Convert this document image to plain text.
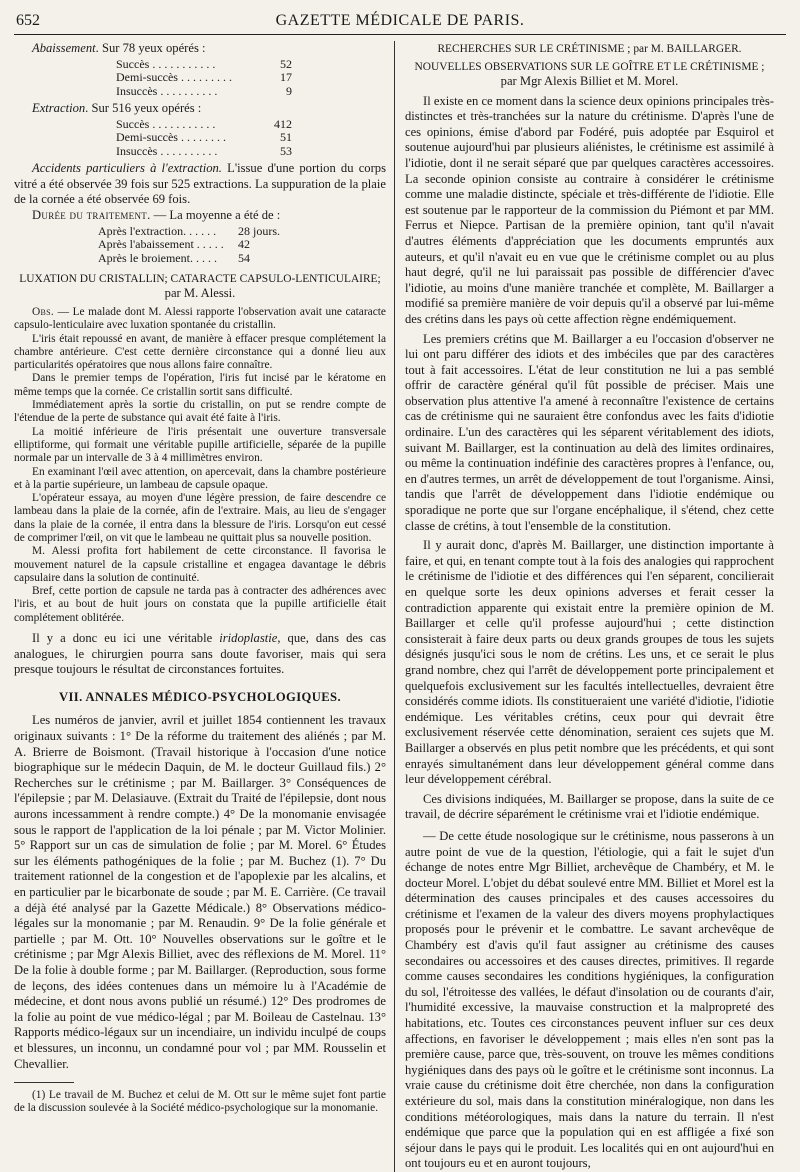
652	GAZETTE MÉDICALE DE PARIS.

Abaissement. Sur 78 yeux opérés :

Succès . . . . . . . . . . .	52
Demi-succès . . . . . . . . .	17
Insuccès . . . . . . . . . .	9

Extraction. Sur 516 yeux opérés :

Succès . . . . . . . . . . .	412
Demi-succès . . . . . . . .	51
Insuccès . . . . . . . . . .	53

Accidents particuliers à l'extraction. L'issue d'une portion du corps vitré a été observée 39 fois sur 525 extractions. La suppuration de la plaie de la cornée a été observée 69 fois.

Durée du traitement. — La moyenne a été de :

Après l'extraction. . . . . .	28 jours.
Après l'abaissement . . . . .	42
Après le broiement. . . . .	54

LUXATION DU CRISTALLIN; CATARACTE CAPSULO-LENTICULAIRE;

par M. Alessi.

Obs. — Le malade dont M. Alessi rapporte l'observation avait une cataracte capsulo-lenticulaire avec luxation spontanée du cristallin.

L'iris était repoussé en avant, de manière à effacer presque complétement la chambre antérieure. C'est cette dernière circonstance qui a donné lieu aux particularités opératoires que nous allons faire connaître.

Dans le premier temps de l'opération, l'iris fut incisé par le kératome en même temps que la cornée. Ce cristallin sortit sans difficulté.

Immédiatement après la sortie du cristallin, on put se rendre compte de l'étendue de la perte de substance qui avait été faite à l'iris.

La moitié inférieure de l'iris présentait une ouverture transversale elliptiforme, qui formait une véritable pupille artificielle, séparée de la pupille normale par un intervalle de 3 à 4 millimètres environ.

En examinant l'œil avec attention, on apercevait, dans la chambre postérieure et à la partie supérieure, un lambeau de capsule opaque.

L'opérateur essaya, au moyen d'une légère pression, de faire descendre ce lambeau dans la plaie de la cornée, afin de l'extraire. Mais, au lieu de s'engager dans la plaie de la cornée, il entra dans la blessure de l'iris. Lorsqu'on eut cessé de comprimer l'œil, on vit que le lambeau ne quittait plus sa nouvelle position.

M. Alessi profita fort habilement de cette circonstance. Il favorisa le mouvement naturel de la capsule cristalline et engagea davantage le débris capsulaire dans la solution de continuité.

Bref, cette portion de capsule ne tarda pas à contracter des adhérences avec l'iris, et au bout de huit jours on constata que la pupille artificielle était complétement oblitérée.

Il y a donc eu ici une véritable iridoplastie, que, dans des cas analogues, le chirurgien pourra sans doute favoriser, mais qui sera presque toujours le résultat de circonstances fortuites.

VII. ANNALES MÉDICO-PSYCHOLOGIQUES.

Les numéros de janvier, avril et juillet 1854 contiennent les travaux originaux suivants : 1° De la réforme du traitement des aliénés ; par M. A. Brierre de Boismont. (Travail historique à l'occasion d'une notice biographique sur le médecin Daquin, de M. le docteur Guillaud fils.) 2° Recherches sur le crétinisme ; par M. Baillarger. 3° Conséquences de l'épilepsie ; par M. Delasiauve. (Extrait du Traité de l'épilepsie, dont nous aurons incessamment à rendre compte.) 4° De la monomanie envisagée sous le rapport de l'application de la loi pénale ; par M. Victor Molinier. 5° Rapport sur un cas de simulation de folie ; par M. Morel. 6° Études sur les éléments pathogéniques de la folie ; par M. Buchez (1). 7° Du traitement rationnel de la congestion et de l'apoplexie par les alcalins, et en particulier par le bicarbonate de soude ; par M. E. Carrière. (Ce travail a déjà été analysé par la Gazette Médicale.) 8° Observations médico-légales sur la monomanie ; par M. Renaudin. 9° De la folie générale et partielle ; par M. Ott. 10° Nouvelles observations sur le goître et le crétinisme ; par Mgr Alexis Billiet, avec des réflexions de M. Morel. 11° De la folie à double forme ; par M. Baillarger. (Reproduction, sous forme de leçons, des idées contenues dans un mémoire lu à l'Académie de médecine, et dont nous avons publié un résumé.) 12° Des prodromes de la folie au point de vue médico-légal ; par M. Boileau de Castelnau. 13° Rapports médico-légaux sur un incendiaire, un individu inculpé de coups et blessures, un inconnu, un condamné pour vol ; par MM. Rousselin et Chevallier.

(1) Le travail de M. Buchez et celui de M. Ott sur le même sujet font partie de la discussion soulevée à la Société médico-psychologique sur la monomanie.

RECHERCHES SUR LE CRÉTINISME ; par M. BAILLARGER.

NOUVELLES OBSERVATIONS SUR LE GOÎTRE ET LE CRÉTINISME ;

par Mgr Alexis Billiet et M. Morel.

Il existe en ce moment dans la science deux opinions principales très-distinctes et très-tranchées sur la nature du crétinisme. D'après l'une de ces opinions, émise d'abord par Fodéré, puis adoptée par Esquirol et soutenue aujourd'hui par plusieurs aliénistes, le crétinisme est assimilé à l'idiotie, dont il ne serait séparé que par quelques caractères accessoires. La seconde opinion consiste au contraire à considérer le crétinisme comme une maladie distincte, spéciale et très-différente de l'idiotie. Elle est soutenue par le rapporteur de la commission du Piémont et par MM. Ferrus et Niepce. Partisan de la première opinion, tant qu'il n'avait d'autres éléments d'appréciation que les documents empruntés aux auteurs, et qu'il n'avait eu en vue que le crétinisme complet ou au plus haut degré, qu'il ne lui paraissait pas possible de différencier d'avec l'idiotie, au moins d'une manière tranchée et complète, M. Baillarger a modifié sa première manière de voir depuis qu'il a observé par lui-même des crétins dans les pays où cette affection règne endémiquement.

Les premiers crétins que M. Baillarger a eu l'occasion d'observer ne lui ont paru différer des idiots et des imbéciles que par des caractères tout à fait accessoires. L'état de leur constitution ne lui a pas semblé offrir de caractère général qu'il fût possible de préciser. Mais une observation plus attentive l'a amené à reconnaître l'existence de certains cas de crétinisme qui ne sauraient être confondus avec les faits d'idiotie ordinaire. L'un des caractères qui les séparent véritablement des idiots, suivant M. Baillarger, est la continuation au delà des limites ordinaires, ou même la continuation indéfinie des caractères propres à l'enfance, ou, en d'autres termes, un arrêt de développement de tout l'organisme. Ainsi, tandis que l'arrêt de développement dans l'idiotie endémique ou sporadique ne porte que sur l'organe encéphalique, il s'étend, chez cette classe de crétins, à tout l'ensemble de la constitution.

Il y aurait donc, d'après M. Baillarger, une distinction importante à faire, et qui, en tenant compte tout à la fois des analogies qui rapprochent le crétinisme de l'idiotie et des différences qui l'en séparent, concilierait en quelque sorte les deux opinions adverses et ferait cesser la contradiction apparente qui existait entre la première opinion de M. Baillarger et celle qu'il professe aujourd'hui ; cette distinction consisterait à faire deux parts ou deux grands groupes de tous les sujets désignés jusqu'ici sous le nom de crétins. Les uns, et ce serait le plus grand nombre, chez qui l'arrêt de développement porte principalement et quelquefois exclusivement sur les facultés intellectuelles, devraient être considérés comme idiots. Ils constitueraient une variété d'idiotie, l'idiotie endémique. Les véritables crétins, ceux pour qui devrait être exclusivement réservée cette dénomination, seraient ces sujets que M. Baillarger a observés en plus petit nombre que les précédents, et qui sont enrayés simultanément dans leur développement général comme dans leur développement cérébral.

Ces divisions indiquées, M. Baillarger se propose, dans la suite de ce travail, de décrire séparément le crétinisme vrai et l'idiotie endémique.

— De cette étude nosologique sur le crétinisme, nous passerons à un autre point de vue de la question, l'étiologie, qui a fait le sujet d'un échange de notes entre Mgr Billiet, archevêque de Chambéry, et M. le docteur Morel. L'objet du débat soulevé entre MM. Billiet et Morel est la détermination des causes principales et des causes accessoires du crétinisme et l'examen de la valeur des divers moyens prophylactiques proposés pour le prévenir et le combattre. Le savant archevêque de Chambéry est d'avis qu'il faut assigner au crétinisme des causes secondaires ou accessoires et des causes directes, primitives. Il regarde comme causes secondaires les conditions hygiéniques, la configuration du sol, l'étroitesse des vallées, le défaut d'insolation ou de courants d'air, l'humidité excessive, la mauvaise construction et la malpropreté des habitations, etc. Toutes ces circonstances peuvent influer sur ces deux affections, en favoriser le développement ; mais elles n'en sont pas la première cause, parce que, très-souvent, on trouve les mêmes conditions hygiéniques dans des pays où le goître et le crétinisme sont inconnus. La vraie cause du crétinisme doit être cherchée, non dans la configuration extérieure du sol, mais dans la constitution minéralogique, non dans les conditions météorologiques, mais dans la nature du terrain. Il n'est endémique que parce que la population qui en est affligée a fixé son séjour dans le pays qui le produit. Les localités qui en ont aujourd'hui en ont toujours eu et en auront toujours,
